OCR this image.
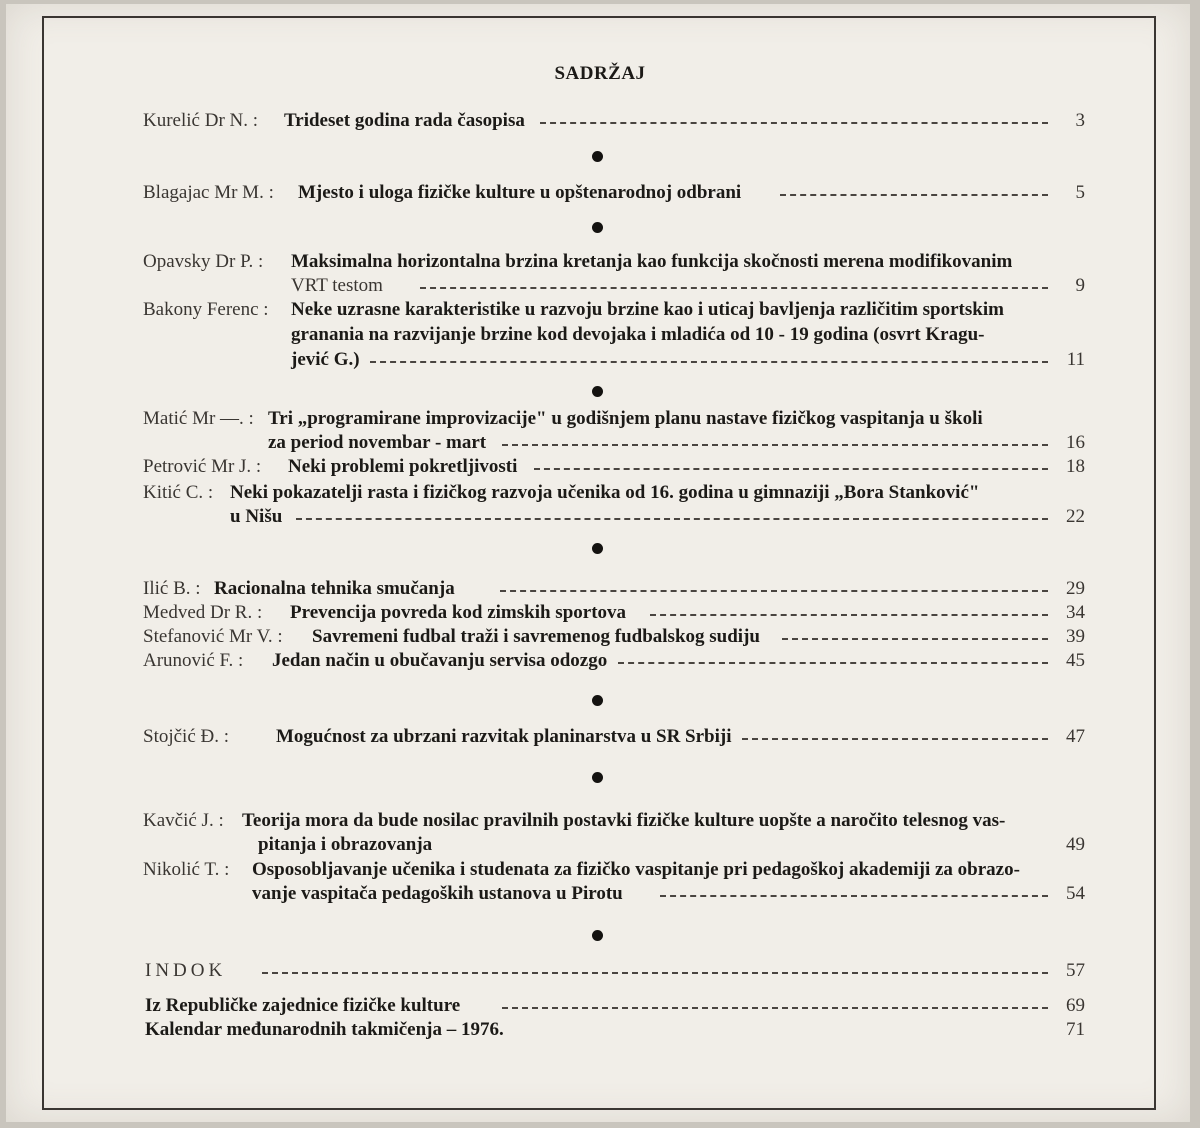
SADRŽAJ
Kurelić Dr N. : Trideset godina rada časopisa	3
Blagajac Mr M. : Mjesto i uloga fizičke kulture u opštenarodnoj odbrani	5
Opavsky Dr P. : Maksimalna horizontalna brzina kretanja kao funkcija skočnosti merena modifikovanim
VRT testom	9
Bakony Ferenc : Neke uzrasne karakteristike u razvoju brzine kao i uticaj bavljenja različitim sportskim
granania na razvijanje brzine kod devojaka i mladića od 10 - 19 godina (osvrt Kragu-
jević G.)	11
Matić Mr —. : Tri „programirane improvizacije" u godišnjem planu nastave fizičkog vaspitanja u školi
za period novembar - mart	16
Petrović Mr J. : Neki problemi pokretljivosti	18
Kitić C. : Neki pokazatelji rasta i fizičkog razvoja učenika od 16. godina u gimnaziji „Bora Stanković"
u Nišu	22
Ilić B. : Racionalna tehnika smučanja	29
Medved Dr R. : Prevencija povreda kod zimskih sportova	34
Stefanović Mr V. : Savremeni fudbal traži i savremenog fudbalskog sudiju	39
Arunović F. : Jedan način u obučavanju servisa odozgo	45
Stojčić Đ. : Mogućnost za ubrzani razvitak planinarstva u SR Srbiji	47
Kavčić J. : Teorija mora da bude nosilac pravilnih postavki fizičke kulture uopšte a naročito telesnog vas-
pitanja i obrazovanja	49
Nikolić T. : Osposobljavanje učenika i studenata za fizičko vaspitanje pri pedagoškoj akademiji za obrazo-
vanje vaspitača pedagoških ustanova u Pirotu	54
INDOK	57
Iz Republičke zajednice fizičke kulture	69
Kalendar međunarodnih takmičenja – 1976.	71
